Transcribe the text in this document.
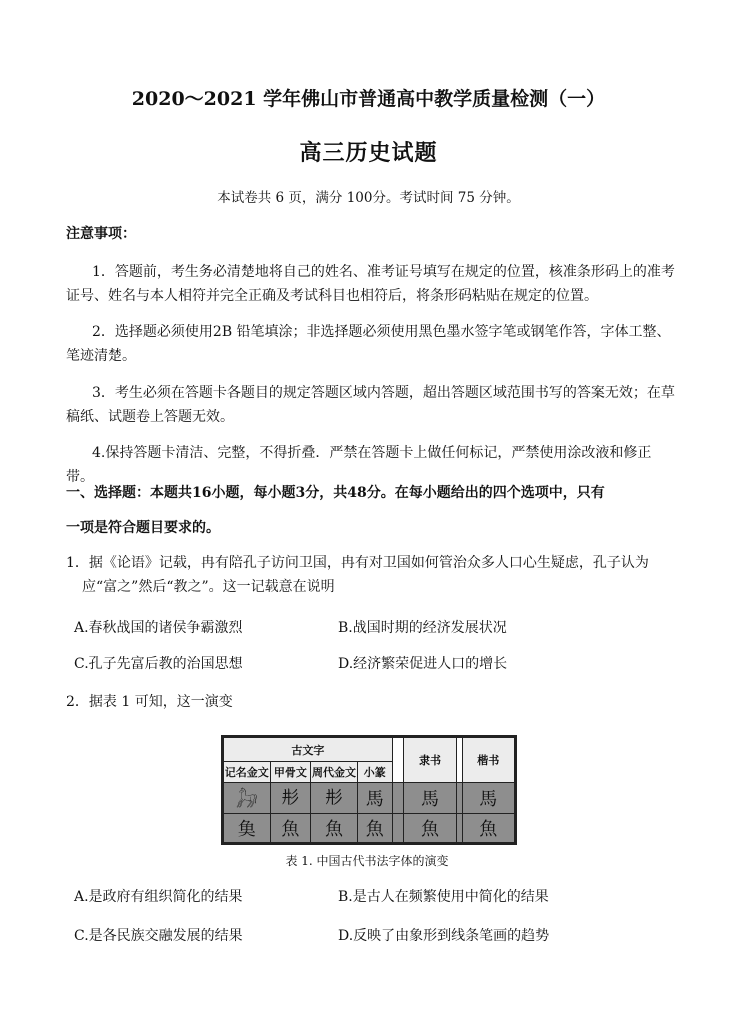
2020～2021 学年佛山市普通高中教学质量检测（一）
高三历史试题
本试卷共 6 页，满分 100分。考试时间 75 分钟。
注意事项：
1．答题前，考生务必清楚地将自己的姓名、准考证号填写在规定的位置，核准条形码上的准考证号、姓名与本人相符并完全正确及考试科目也相符后，将条形码粘贴在规定的位置。
2．选择题必须使用2B 铅笔填涂；非选择题必须使用黑色墨水签字笔或钢笔作答，字体工整、笔迹清楚。
3．考生必须在答题卡各题目的规定答题区域内答题，超出答题区域范围书写的答案无效；在草稿纸、试题卷上答题无效。
4.保持答题卡清洁、完整，不得折叠．严禁在答题卡上做任何标记，严禁使用涂改液和修正带。
一、选择题：本题共16小题，每小题3分，共48分。在每小题给出的四个选项中，只有
一项是符合题目要求的。
1．据《论语》记载，冉有陪孔子访问卫国，冉有对卫国如何管治众多人口心生疑虑，孔子认为应“富之”然后“教之”。这一记载意在说明
A.春秋战国的诸侯争霸激烈	B.战国时期的经济发展状况
C.孔子先富后教的治国思想	D.经济繁荣促进人口的增长
2．据表 1 可知，这一演变
古文字					隶书		楷书
记名金文	甲骨文	周代金文	小篆				
𓃗	𢒈	𢒈	馬		馬		馬
𩵋	魚	魚	魚		魚		魚
表 1. 中国古代书法字体的演变
A.是政府有组织简化的结果	B.是古人在频繁使用中简化的结果
C.是各民族交融发展的结果	D.反映了由象形到线条笔画的趋势
